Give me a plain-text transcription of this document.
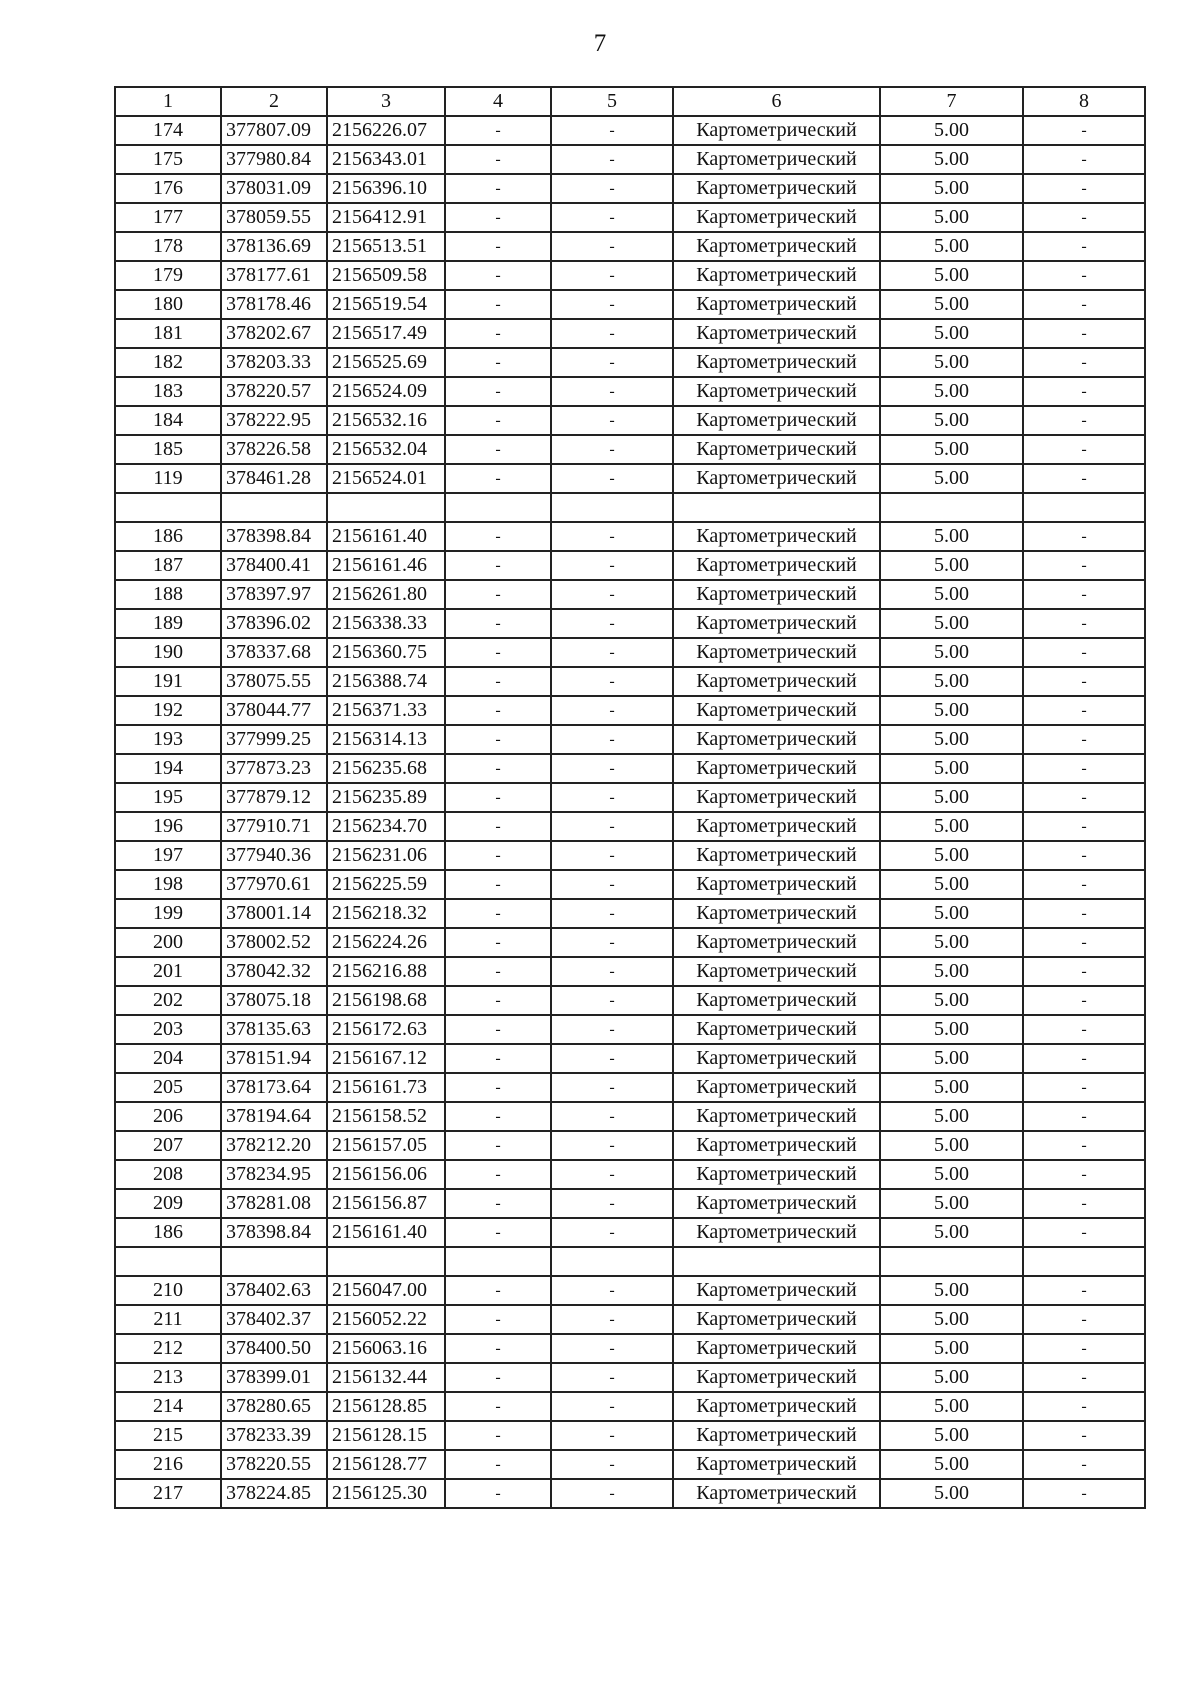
7
1	2	3	4	5	6	7	8
174	377807.09	2156226.07	-	-	Картометрический	5.00	-
175	377980.84	2156343.01	-	-	Картометрический	5.00	-
176	378031.09	2156396.10	-	-	Картометрический	5.00	-
177	378059.55	2156412.91	-	-	Картометрический	5.00	-
178	378136.69	2156513.51	-	-	Картометрический	5.00	-
179	378177.61	2156509.58	-	-	Картометрический	5.00	-
180	378178.46	2156519.54	-	-	Картометрический	5.00	-
181	378202.67	2156517.49	-	-	Картометрический	5.00	-
182	378203.33	2156525.69	-	-	Картометрический	5.00	-
183	378220.57	2156524.09	-	-	Картометрический	5.00	-
184	378222.95	2156532.16	-	-	Картометрический	5.00	-
185	378226.58	2156532.04	-	-	Картометрический	5.00	-
119	378461.28	2156524.01	-	-	Картометрический	5.00	-

186	378398.84	2156161.40	-	-	Картометрический	5.00	-
187	378400.41	2156161.46	-	-	Картометрический	5.00	-
188	378397.97	2156261.80	-	-	Картометрический	5.00	-
189	378396.02	2156338.33	-	-	Картометрический	5.00	-
190	378337.68	2156360.75	-	-	Картометрический	5.00	-
191	378075.55	2156388.74	-	-	Картометрический	5.00	-
192	378044.77	2156371.33	-	-	Картометрический	5.00	-
193	377999.25	2156314.13	-	-	Картометрический	5.00	-
194	377873.23	2156235.68	-	-	Картометрический	5.00	-
195	377879.12	2156235.89	-	-	Картометрический	5.00	-
196	377910.71	2156234.70	-	-	Картометрический	5.00	-
197	377940.36	2156231.06	-	-	Картометрический	5.00	-
198	377970.61	2156225.59	-	-	Картометрический	5.00	-
199	378001.14	2156218.32	-	-	Картометрический	5.00	-
200	378002.52	2156224.26	-	-	Картометрический	5.00	-
201	378042.32	2156216.88	-	-	Картометрический	5.00	-
202	378075.18	2156198.68	-	-	Картометрический	5.00	-
203	378135.63	2156172.63	-	-	Картометрический	5.00	-
204	378151.94	2156167.12	-	-	Картометрический	5.00	-
205	378173.64	2156161.73	-	-	Картометрический	5.00	-
206	378194.64	2156158.52	-	-	Картометрический	5.00	-
207	378212.20	2156157.05	-	-	Картометрический	5.00	-
208	378234.95	2156156.06	-	-	Картометрический	5.00	-
209	378281.08	2156156.87	-	-	Картометрический	5.00	-
186	378398.84	2156161.40	-	-	Картометрический	5.00	-

210	378402.63	2156047.00	-	-	Картометрический	5.00	-
211	378402.37	2156052.22	-	-	Картометрический	5.00	-
212	378400.50	2156063.16	-	-	Картометрический	5.00	-
213	378399.01	2156132.44	-	-	Картометрический	5.00	-
214	378280.65	2156128.85	-	-	Картометрический	5.00	-
215	378233.39	2156128.15	-	-	Картометрический	5.00	-
216	378220.55	2156128.77	-	-	Картометрический	5.00	-
217	378224.85	2156125.30	-	-	Картометрический	5.00	-
